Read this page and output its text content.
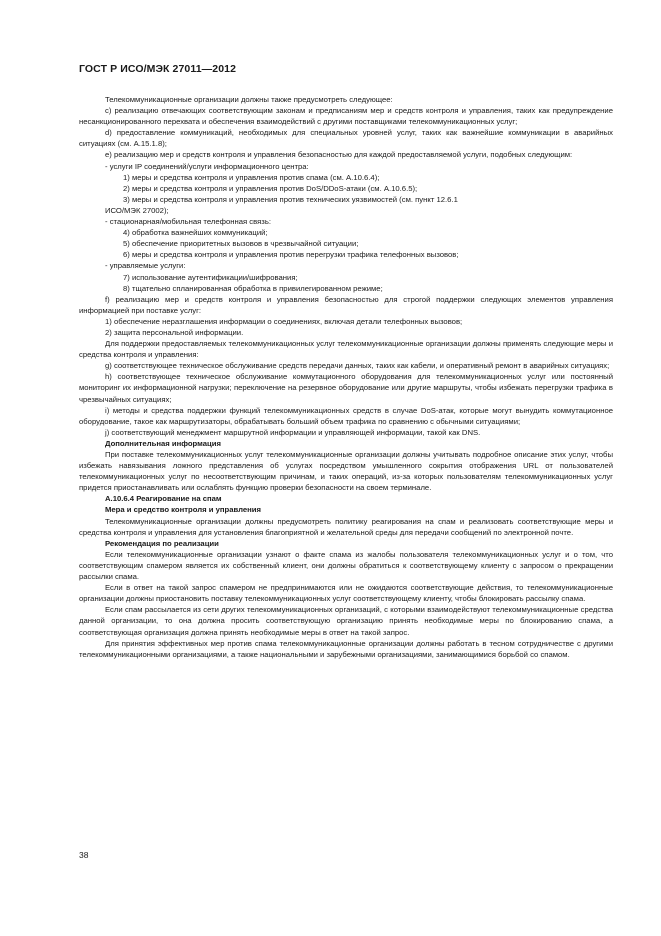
ГОСТ Р ИСО/МЭК 27011—2012

Телекоммуникационные организации должны также предусмотреть следующее:

c) реализацию отвечающих соответствующим законам и предписаниям мер и средств контроля и управления, таких как предупреждение несанкционированного перехвата и обеспечения взаимодействий с другими поставщиками телекоммуникационных услуг;

d) предоставление коммуникаций, необходимых для специальных уровней услуг, таких как важнейшие коммуникации в аварийных ситуациях (см. А.15.1.8);

e) реализацию мер и средств контроля и управления безопасностью для каждой предоставляемой услуги, подобных следующим:

- услуги IP соединений/услуги информационного центра:

1) меры и средства контроля и управления против спама (см. А.10.6.4);

2) меры и средства контроля и управления против DoS/DDoS-атаки (см. А.10.6.5);

3) меры и средства контроля и управления против технических уязвимостей (см. пункт 12.6.1

ИСО/МЭК 27002);

- стационарная/мобильная телефонная связь:

4) обработка важнейших коммуникаций;

5) обеспечение приоритетных вызовов в чрезвычайной ситуации;

6) меры и средства контроля и управления против перегрузки трафика телефонных вызовов;

- управляемые услуги:

7) использование аутентификации/шифрования;

8) тщательно спланированная обработка в привилегированном режиме;

f) реализацию мер и средств контроля и управления безопасностью для строгой поддержки следующих элементов управления информацией при поставке услуг:

1) обеспечение неразглашения информации о соединениях, включая детали телефонных вызовов;

2) защита персональной информации.

Для поддержки предоставляемых телекоммуникационных услуг телекоммуникационные организации должны применять следующие меры и средства контроля и управления:

g) соответствующее техническое обслуживание средств передачи данных, таких как кабели, и оперативный ремонт в аварийных ситуациях;

h) соответствующее техническое обслуживание коммутационного оборудования для телекоммуникационных услуг или постоянный мониторинг их информационной нагрузки; переключение на резервное оборудование или другие маршруты, чтобы избежать перегрузки трафика в чрезвычайных ситуациях;

i) методы и средства поддержки функций телекоммуникационных средств в случае DoS-атак, которые могут вынудить коммутационное оборудование, такое как маршрутизаторы, обрабатывать больший объем трафика по сравнению с обычными ситуациями;

j) соответствующий менеджмент маршрутной информации и управляющей информации, такой как DNS.

Дополнительная информация

При поставке телекоммуникационных услуг телекоммуникационные организации должны учитывать подробное описание этих услуг, чтобы избежать навязывания ложного представления об услугах посредством умышленного сокрытия отображения URL от пользователей телекоммуникационных услуг по несоответствующим причинам, и таких операций, из-за которых пользователям телекоммуникационных услуг придется приостанавливать или ослаблять функцию проверки безопасности на своем терминале.

А.10.6.4 Реагирование на спам

Мера и средство контроля и управления

Телекоммуникационные организации должны предусмотреть политику реагирования на спам и реализовать соответствующие меры и средства контроля и управления для установления благоприятной и желательной среды для передачи сообщений по электронной почте.

Рекомендация по реализации

Если телекоммуникационные организации узнают о факте спама из жалобы пользователя телекоммуникационных услуг и о том, что соответствующим спамером является их собственный клиент, они должны обратиться к соответствующему клиенту с запросом о прекращении рассылки спама.

Если в ответ на такой запрос спамером не предпринимаются или не ожидаются соответствующие действия, то телекоммуникационные организации должны приостановить поставку телекоммуникационных услуг соответствующему клиенту, чтобы блокировать рассылку спама.

Если спам рассылается из сети других телекоммуникационных организаций, с которыми взаимодействуют телекоммуникационные средства данной организации, то она должна просить соответствующую организацию принять необходимые меры по блокированию спама, а соответствующая организация должна принять необходимые меры в ответ на такой запрос.

Для принятия эффективных мер против спама телекоммуникационные организации должны работать в тесном сотрудничестве с другими телекоммуникационными организациями, а также национальными и зарубежными организациями, занимающимися борьбой со спамом.

38
